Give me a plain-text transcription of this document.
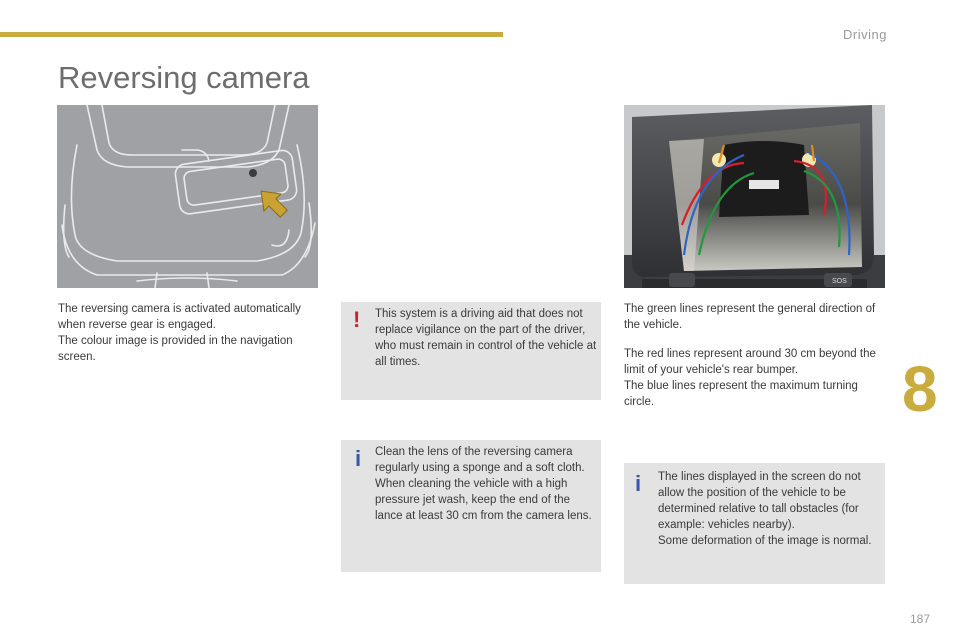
Driving
Reversing camera
8
187
SOS

The reversing camera is activated automatically when reverse gear is engaged.

The colour image is provided in the navigation screen.

! This system is a driving aid that does not replace vigilance on the part of the driver, who must remain in control of the vehicle at all times.

i Clean the lens of the reversing camera regularly using a sponge and a soft cloth.

When cleaning the vehicle with a high pressure jet wash, keep the end of the lance at least 30 cm from the camera lens.

The green lines represent the general direction of the vehicle.

The red lines represent around 30 cm beyond the limit of your vehicle's rear bumper.

The blue lines represent the maximum turning circle.

i The lines displayed in the screen do not allow the position of the vehicle to be determined relative to tall obstacles (for example: vehicles nearby).

Some deformation of the image is normal.
